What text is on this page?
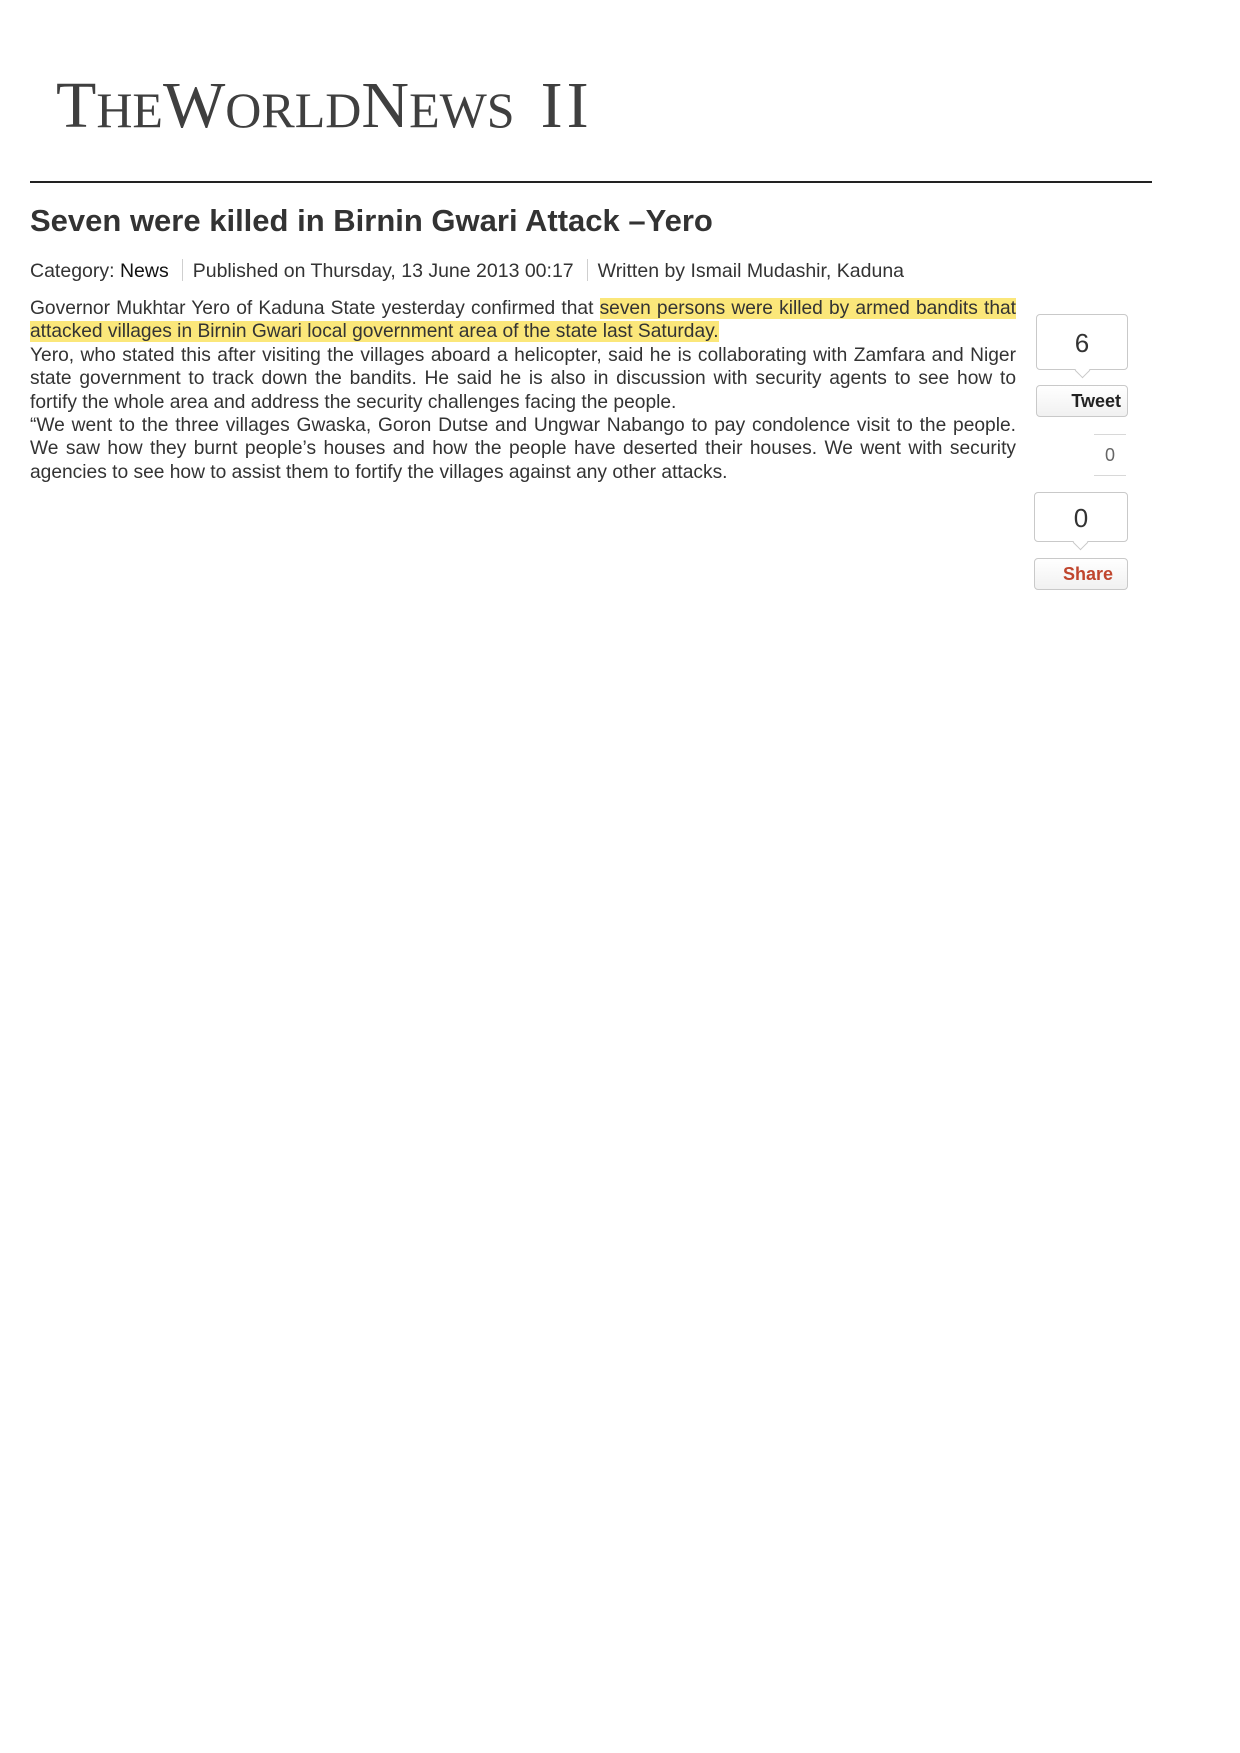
THEWORLDNEWS II
Seven were killed in Birnin Gwari Attack –Yero
Category: News Published on Thursday, 13 June 2013 00:17 Written by Ismail Mudashir, Kaduna

Governor Mukhtar Yero of Kaduna State yesterday confirmed that seven persons were killed by armed bandits that attacked villages in Birnin Gwari local government area of the state last Saturday.

Yero, who stated this after visiting the villages aboard a helicopter, said he is collaborating with Zamfara and Niger state government to track down the bandits. He said he is also in discussion with security agents to see how to fortify the whole area and address the security challenges facing the people.

“We went to the three villages Gwaska, Goron Dutse and Ungwar Nabango to pay condolence visit to the people. We saw how they burnt people’s houses and how the people have deserted their houses. We went with security agencies to see how to assist them to fortify the villages against any other attacks.

6
Tweet
0
0
Share
